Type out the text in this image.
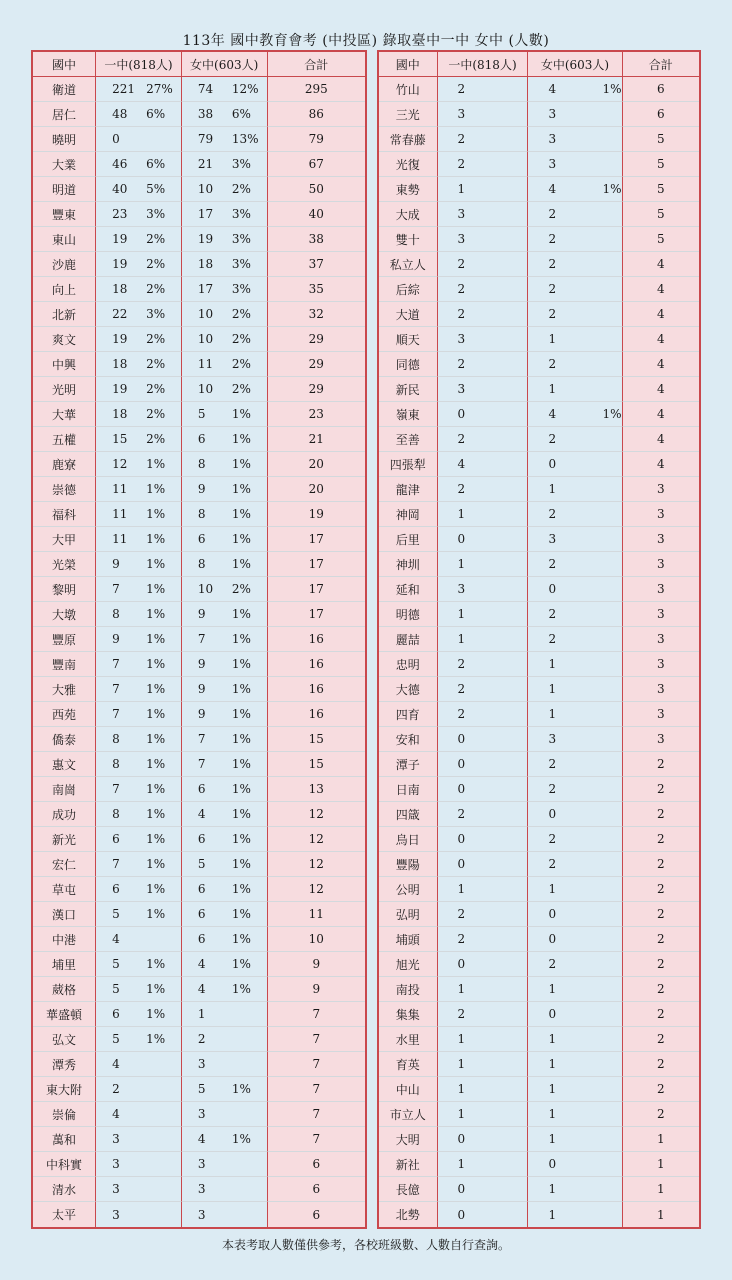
113年 國中教育會考 (中投區) 錄取臺中一中 女中 (人數)
國中	一中(818人)	女中(603人)	合計
衛道	221 27%	74 12%	295
居仁	48 6%	38 6%	86
曉明	0	79 13%	79
大業	46 6%	21 3%	67
明道	40 5%	10 2%	50
豐東	23 3%	17 3%	40
東山	19 2%	19 3%	38
沙鹿	19 2%	18 3%	37
向上	18 2%	17 3%	35
北新	22 3%	10 2%	32
爽文	19 2%	10 2%	29
中興	18 2%	11 2%	29
光明	19 2%	10 2%	29
大華	18 2%	5 1%	23
五權	15 2%	6 1%	21
鹿寮	12 1%	8 1%	20
崇德	11 1%	9 1%	20
福科	11 1%	8 1%	19
大甲	11 1%	6 1%	17
光榮	9 1%	8 1%	17
黎明	7 1%	10 2%	17
大墩	8 1%	9 1%	17
豐原	9 1%	7 1%	16
豐南	7 1%	9 1%	16
大雅	7 1%	9 1%	16
西苑	7 1%	9 1%	16
僑泰	8 1%	7 1%	15
惠文	8 1%	7 1%	15
南崗	7 1%	6 1%	13
成功	8 1%	4 1%	12
新光	6 1%	6 1%	12
宏仁	7 1%	5 1%	12
草屯	6 1%	6 1%	12
漢口	5 1%	6 1%	11
中港	4	6 1%	10
埔里	5 1%	4 1%	9
葳格	5 1%	4 1%	9
華盛頓	6 1%	1	7
弘文	5 1%	2	7
潭秀	4	3	7
東大附	2	5 1%	7
崇倫	4	3	7
萬和	3	4 1%	7
中科實	3	3	6
清水	3	3	6
太平	3	3	6
國中	一中(818人)	女中(603人)	合計
竹山	2	4 1%	6
三光	3	3	6
常春藤	2	3	5
光復	2	3	5
東勢	1	4 1%	5
大成	3	2	5
雙十	3	2	5
私立人	2	2	4
后綜	2	2	4
大道	2	2	4
順天	3	1	4
同德	2	2	4
新民	3	1	4
嶺東	0	4 1%	4
至善	2	2	4
四張犁	4	0	4
龍津	2	1	3
神岡	1	2	3
后里	0	3	3
神圳	1	2	3
延和	3	0	3
明德	1	2	3
麗喆	1	2	3
忠明	2	1	3
大德	2	1	3
四育	2	1	3
安和	0	3	3
潭子	0	2	2
日南	0	2	2
四箴	2	0	2
烏日	0	2	2
豐陽	0	2	2
公明	1	1	2
弘明	2	0	2
埔頭	2	0	2
旭光	0	2	2
南投	1	1	2
集集	2	0	2
水里	1	1	2
育英	1	1	2
中山	1	1	2
市立人	1	1	2
大明	0	1	1
新社	1	0	1
長億	0	1	1
北勢	0	1	1
本表考取人數僅供參考，各校班級數、人數自行查詢。
